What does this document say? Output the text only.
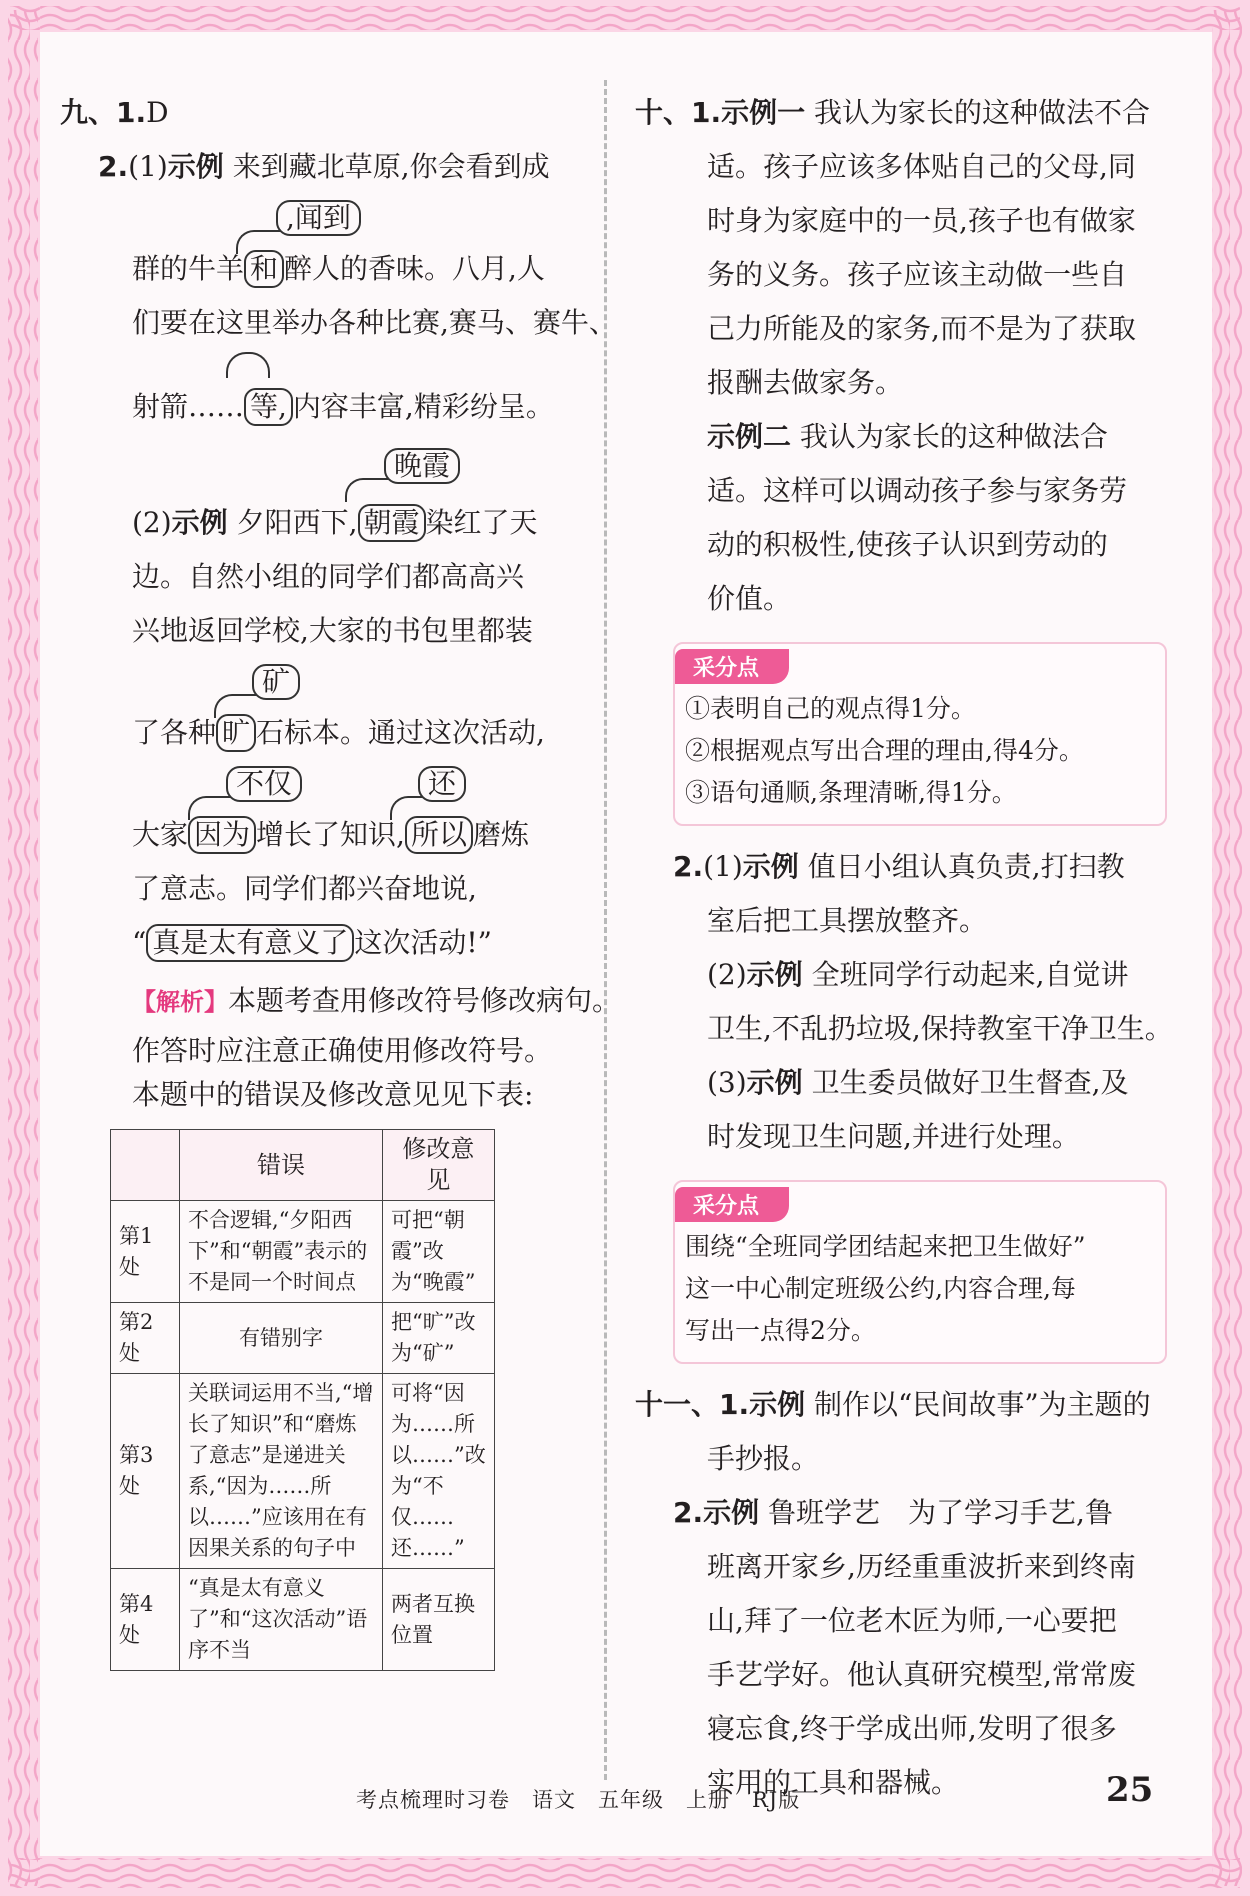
九、1.D
2.(1)示例 来到藏北草原,你会看到成
,闻到
群的牛羊 和 醉人的香味。八月,人
们要在这里举办各种比赛,赛马、赛牛、
射箭…… 等, 内容丰富,精彩纷呈。
晚霞
(2)示例 夕阳西下, 朝霞 染红了天
边。自然小组的同学们都高高兴
兴地返回学校,大家的书包里都装
矿
了各种 旷 石标本。通过这次活动,
不仅	还
大家 因为 增长了知识, 所以 磨炼
了意志。同学们都兴奋地说,
“ 真是太有意义了 这次活动!”
【解析】本题考查用修改符号修改病句。
作答时应注意正确使用修改符号。
本题中的错误及修改意见见下表:
	错误	修改意见
第1处	不合逻辑,“夕阳西下”和“朝霞”表示的不是同一个时间点	可把“朝霞”改为“晚霞”
第2处	有错别字	把“旷”改为“矿”
第3处	关联词运用不当,“增长了知识”和“磨炼了意志”是递进关系,“因为……所以……”应该用在有因果关系的句子中	可将“因为……所以……”改为“不仅……还……”
第4处	“真是太有意义了”和“这次活动”语序不当	两者互换位置
十、1.示例一 我认为家长的这种做法不合
适。孩子应该多体贴自己的父母,同
时身为家庭中的一员,孩子也有做家
务的义务。孩子应该主动做一些自
己力所能及的家务,而不是为了获取
报酬去做家务。
示例二 我认为家长的这种做法合
适。这样可以调动孩子参与家务劳
动的积极性,使孩子认识到劳动的
价值。
采分点
①表明自己的观点得1分。
②根据观点写出合理的理由,得4分。
③语句通顺,条理清晰,得1分。
2.(1)示例 值日小组认真负责,打扫教
室后把工具摆放整齐。
(2)示例 全班同学行动起来,自觉讲
卫生,不乱扔垃圾,保持教室干净卫生。
(3)示例 卫生委员做好卫生督查,及
时发现卫生问题,并进行处理。
采分点
围绕“全班同学团结起来把卫生做好”
这一中心制定班级公约,内容合理,每
写出一点得2分。
十一、1.示例 制作以“民间故事”为主题的
手抄报。
2.示例 鲁班学艺　为了学习手艺,鲁
班离开家乡,历经重重波折来到终南
山,拜了一位老木匠为师,一心要把
手艺学好。他认真研究模型,常常废
寝忘食,终于学成出师,发明了很多
实用的工具和器械。
考点梳理时习卷　语文　五年级　上册　RJ版	25
